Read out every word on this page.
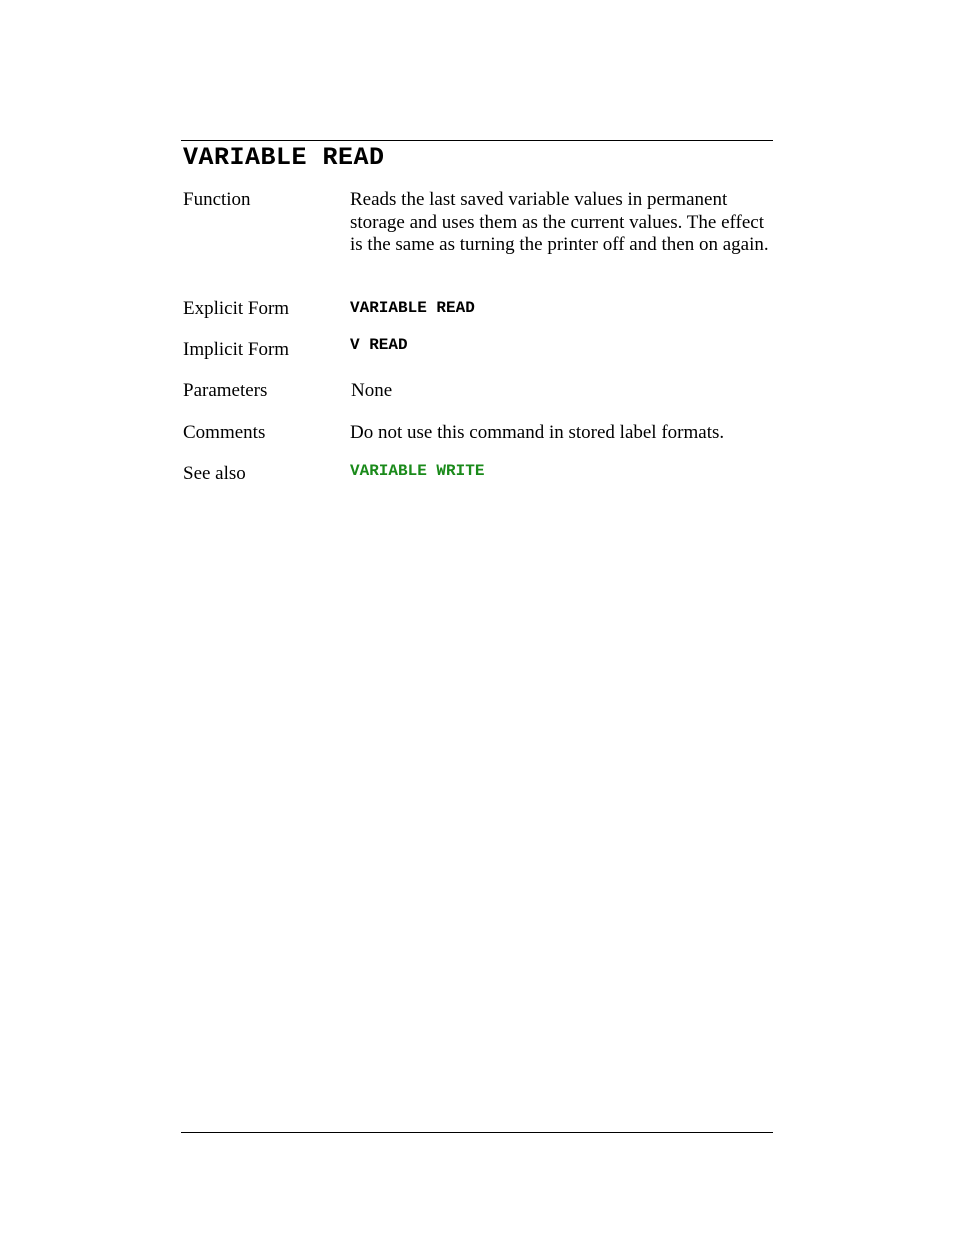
VARIABLE READ
Function	Reads the last saved variable values in permanent storage and uses them as the current values. The effect is the same as turning the printer off and then on again.
Explicit Form	VARIABLE READ
Implicit Form	V READ
Parameters	None
Comments	Do not use this command in stored label formats.
See also	VARIABLE WRITE
